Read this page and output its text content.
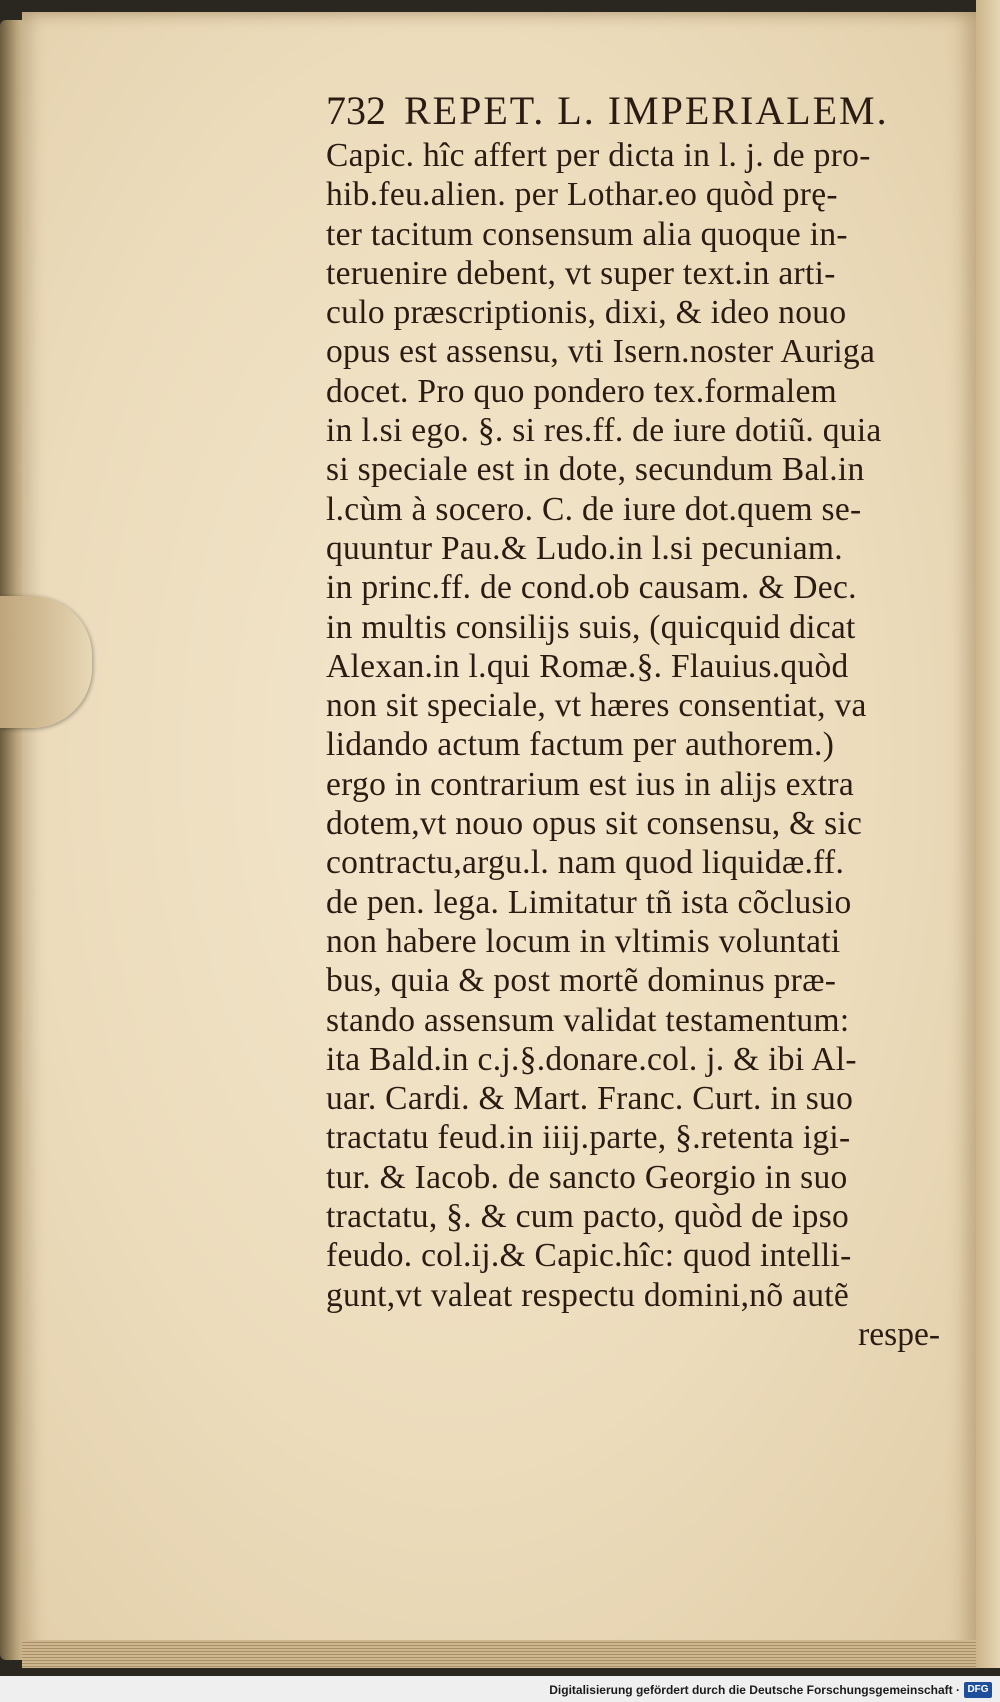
732 REPET. L. IMPERIALEM.
Capic. hîc affert per dicta in l. j. de pro-
hib.feu.alien. per Lothar.eo quòd prę-
ter tacitum consensum alia quoque in-
teruenire debent, vt super text.in arti-
culo præscriptionis, dixi, & ideo nouo
opus est assensu, vti Isern.noster Auriga
docet. Pro quo pondero tex.formalem
in l.si ego. §. si res.ff. de iure dotiũ. quia
si speciale est in dote, secundum Bal.in
l.cùm à socero. C. de iure dot.quem se-
quuntur Pau.& Ludo.in l.si pecuniam.
in princ.ff. de cond.ob causam. & Dec.
in multis consilijs suis, (quicquid dicat
Alexan.in l.qui Romæ.§. Flauius.quòd
non sit speciale, vt hæres consentiat, va
lidando actum factum per authorem.)
ergo in contrarium est ius in alijs extra
dotem,vt nouo opus sit consensu, & sic
contractu,argu.l. nam quod liquidæ.ff.
de pen. lega. Limitatur tñ ista cõclusio
non habere locum in vltimis voluntati
bus, quia & post mortẽ dominus præ-
stando assensum validat testamentum:
ita Bald.in c.j.§.donare.col. j. & ibi Al-
uar. Cardi. & Mart. Franc. Curt. in suo
tractatu feud.in iiij.parte, §.retenta igi-
tur. & Iacob. de sancto Georgio in suo
tractatu, §. & cum pacto, quòd de ipso
feudo. col.ij.& Capic.hîc: quod intelli-
gunt,vt valeat respectu domini,nõ autẽ
respe-
Digitalisierung gefördert durch die Deutsche Forschungsgemeinschaft · DFG
